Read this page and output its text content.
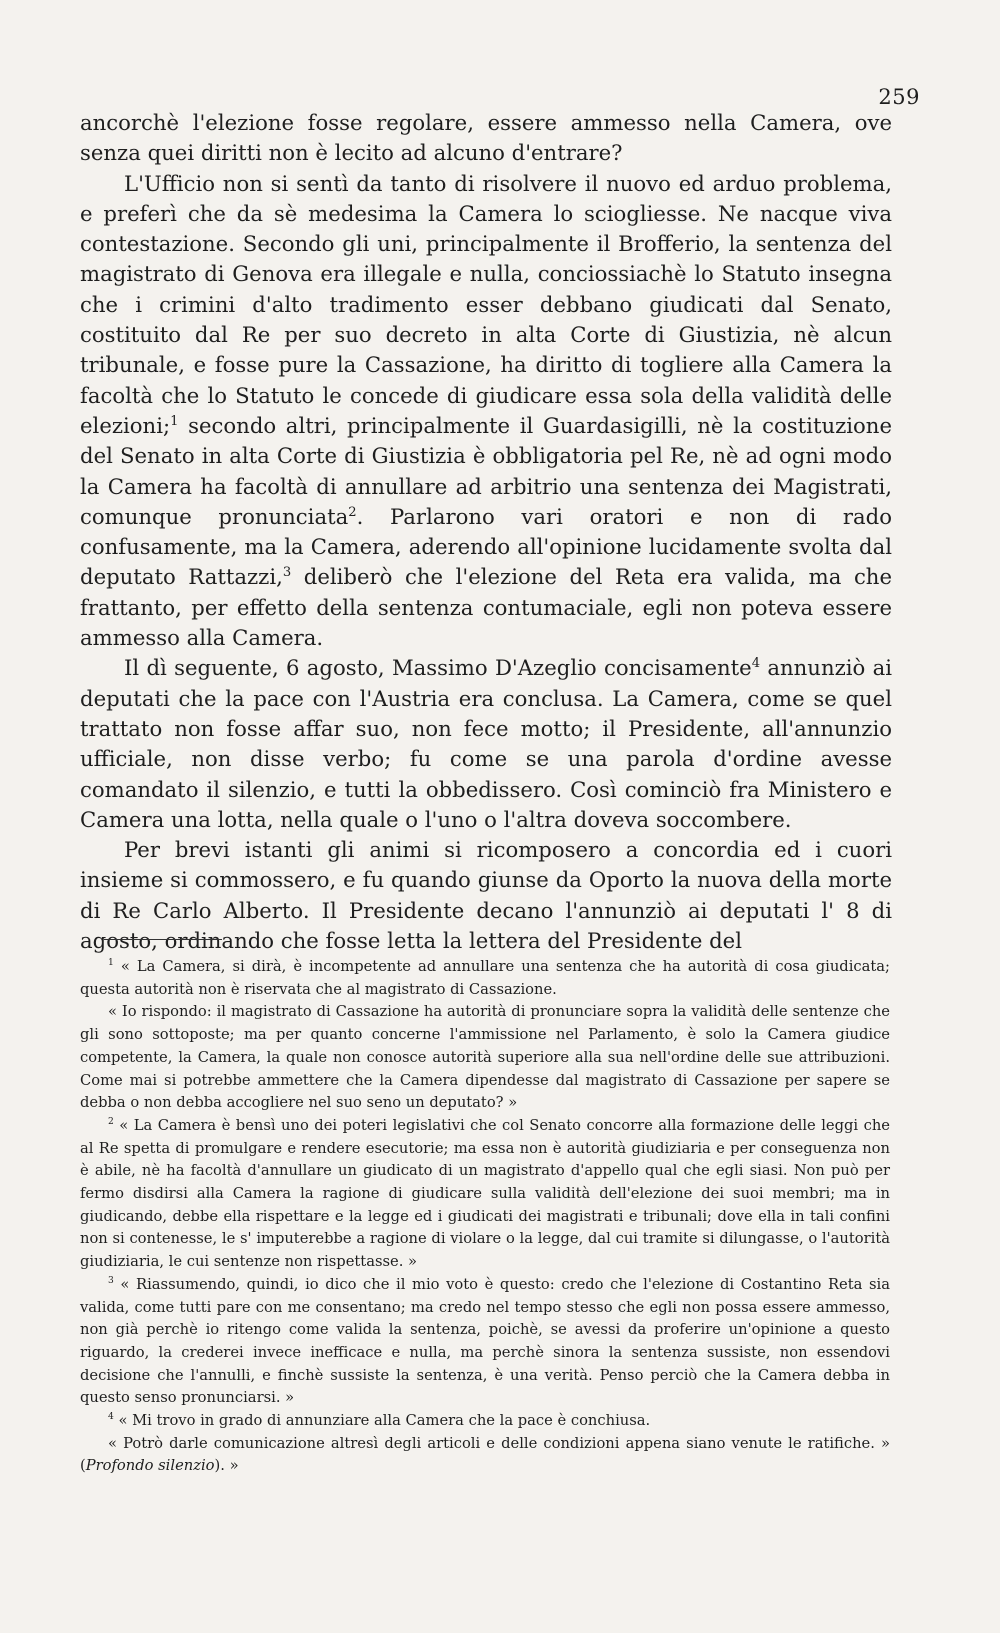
259

ancorchè l'elezione fosse regolare, essere ammesso nella Camera, ove senza quei diritti non è lecito ad alcuno d'entrare?

L'Ufficio non si sentì da tanto di risolvere il nuovo ed arduo problema, e preferì che da sè medesima la Camera lo sciogliesse. Ne nacque viva contestazione. Secondo gli uni, principalmente il Brofferio, la sentenza del magistrato di Genova era illegale e nulla, conciossiachè lo Statuto insegna che i crimini d'alto tradimento esser debbano giudicati dal Senato, costituito dal Re per suo decreto in alta Corte di Giustizia, nè alcun tribunale, e fosse pure la Cassazione, ha diritto di togliere alla Camera la facoltà che lo Statuto le concede di giudicare essa sola della validità delle elezioni;$^1$ secondo altri, principalmente il Guardasigilli, nè la costituzione del Senato in alta Corte di Giustizia è obbligatoria pel Re, nè ad ogni modo la Camera ha facoltà di annullare ad arbitrio una sentenza dei Magistrati, comunque pronunciata$^2$. Parlarono vari oratori e non di rado confusamente, ma la Camera, aderendo all'opinione lucidamente svolta dal deputato Rattazzi,$^3$ deliberò che l'elezione del Reta era valida, ma che frattanto, per effetto della sentenza contumaciale, egli non poteva essere ammesso alla Camera.

Il dì seguente, 6 agosto, Massimo D'Azeglio concisamente$^4$ annunziò ai deputati che la pace con l'Austria era conclusa. La Camera, come se quel trattato non fosse affar suo, non fece motto; il Presidente, all'annunzio ufficiale, non disse verbo; fu come se una parola d'ordine avesse comandato il silenzio, e tutti la obbedissero. Così cominciò fra Ministero e Camera una lotta, nella quale o l'uno o l'altra doveva soccombere.

Per brevi istanti gli animi si ricomposero a concordia ed i cuori insieme si commossero, e fu quando giunse da Oporto la nuova della morte di Re Carlo Alberto. Il Presidente decano l'annunziò ai deputati l' 8 di agosto, ordinando che fosse letta la lettera del Presidente del

$^1$ « La Camera, si dirà, è incompetente ad annullare una sentenza che ha autorità di cosa giudicata; questa autorità non è riservata che al magistrato di Cassazione.

« Io rispondo: il magistrato di Cassazione ha autorità di pronunciare sopra la validità delle sentenze che gli sono sottoposte; ma per quanto concerne l'ammissione nel Parlamento, è solo la Camera giudice competente, la Camera, la quale non conosce autorità superiore alla sua nell'ordine delle sue attribuzioni. Come mai si potrebbe ammettere che la Camera dipendesse dal magistrato di Cassazione per sapere se debba o non debba accogliere nel suo seno un deputato? »

$^2$ « La Camera è bensì uno dei poteri legislativi che col Senato concorre alla formazione delle leggi che al Re spetta di promulgare e rendere esecutorie; ma essa non è autorità giudiziaria e per conseguenza non è abile, nè ha facoltà d'annullare un giudicato di un magistrato d'appello qual che egli siasi. Non può per fermo disdirsi alla Camera la ragione di giudicare sulla validità dell'elezione dei suoi membri; ma in giudicando, debbe ella rispettare e la legge ed i giudicati dei magistrati e tribunali; dove ella in tali confini non si contenesse, le s' imputerebbe a ragione di violare o la legge, dal cui tramite si dilungasse, o l'autorità giudiziaria, le cui sentenze non rispettasse. »

$^3$ « Riassumendo, quindi, io dico che il mio voto è questo: credo che l'elezione di Costantino Reta sia valida, come tutti pare con me consentano; ma credo nel tempo stesso che egli non possa essere ammesso, non già perchè io ritengo come valida la sentenza, poichè, se avessi da proferire un'opinione a questo riguardo, la crederei invece inefficace e nulla, ma perchè sinora la sentenza sussiste, non essendovi decisione che l'annulli, e finchè sussiste la sentenza, è una verità. Penso perciò che la Camera debba in questo senso pronunciarsi. »

$^4$ « Mi trovo in grado di annunziare alla Camera che la pace è conchiusa.

« Potrò darle comunicazione altresì degli articoli e delle condizioni appena siano venute le ratifiche. » (Profondo silenzio). »
